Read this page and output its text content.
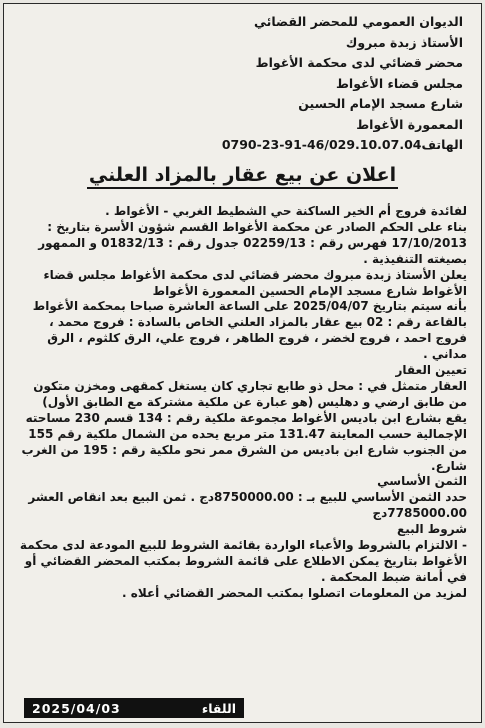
الديوان العمومي للمحضر القضائي
الأستاذ زبدة مبروك
محضر قضائي لدى محكمة الأغواط
مجلس قضاء الأغواط
شارع مسجد الإمام الحسين
المعمورة الأغواط
الهاتف0790-23-91-46/029.10.07.04
اعلان عن بيع عقار بالمزاد العلني

لفائدة فروج أم الخير الساكنة حي الشطيط الغربي - الأغواط .

بناء على الحكم الصادر عن محكمة الأغواط القسم شؤون الأسرة بتاريخ : 17/10/2013 فهرس رقم : 02259/13 جدول رقم : 01832/13 و الممهور بصيغته التنفيذية .

يعلن الأستاذ زبدة مبروك محضر قضائي لدى محكمة الأغواط مجلس قضاء الأغواط شارع مسجد الإمام الحسين المعمورة الأغواط

بأنه سيتم بتاريخ 2025/04/07 على الساعة العاشرة صباحا بمحكمة الأغواط بالقاعة رقم : 02 بيع عقار بالمزاد العلني الخاص بالسادة : فروج محمد ، فروج احمد ، فروج لخضر ، فروج الطاهر ، فروج علي، الرق كلثوم ، الرق مداني .

تعيين العقار

العقار متمثل في : محل ذو طابع تجاري كان يستغل كمقهى ومخزن متكون من طابق ارضي و دهليس (هو عبارة عن ملكية مشتركة مع الطابق الأول) يقع بشارع ابن باديس الأغواط مجموعة ملكية رقم : 134 قسم 230 مساحته الإجمالية حسب المعاينة 131.47 متر مربع يحده من الشمال ملكية رقم 155 من الجنوب شارع ابن باديس من الشرق ممر نحو ملكية رقم : 195 من الغرب شارع.

الثمن الأساسي

حدد الثمن الأساسي للبيع بـ : 8750000.00دج . ثمن البيع بعد انقاص العشر 7785000.00دج

شروط البيع

- الالتزام بالشروط والأعباء الواردة بقائمة الشروط للبيع المودعة لدى محكمة الأغواط بتاريخ يمكن الاطلاع على قائمة الشروط بمكتب المحضر القضائي أو في أمانة ضبط المحكمة .

لمزيد من المعلومات اتصلوا بمكتب المحضر القضائي أعلاه .

2025/04/03	اللقاء
